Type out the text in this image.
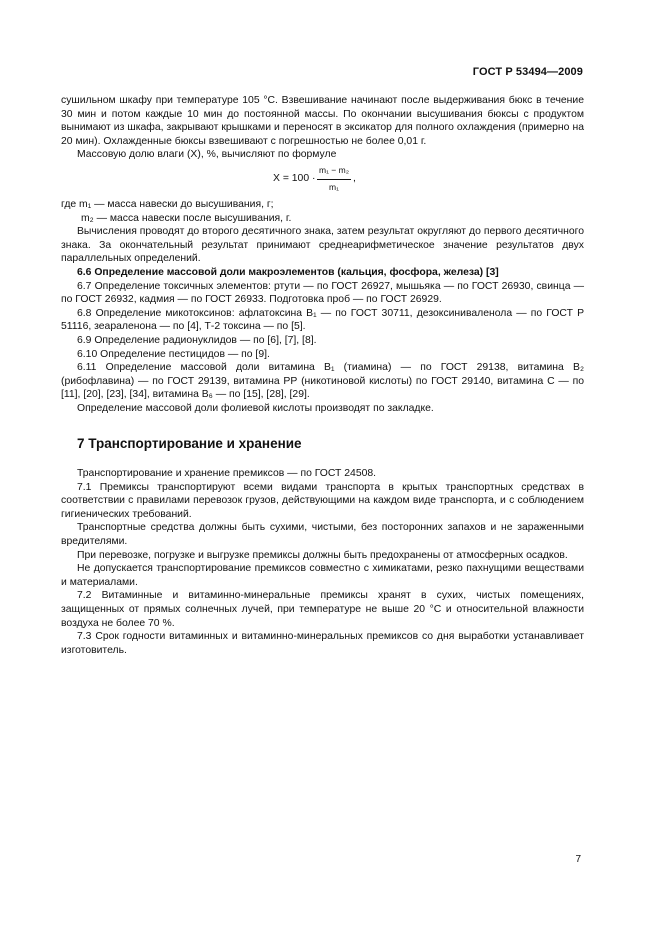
ГОСТ Р 53494—2009

сушильном шкафу при температуре 105 °С. Взвешивание начинают после выдерживания бюкс в течение 30 мин и потом каждые 10 мин до постоянной массы. По окончании высушивания бюксы с продуктом вынимают из шкафа, закрывают крышками и переносят в эксикатор для полного охлаждения (примерно на 20 мин). Охлажденные бюксы взвешивают с погрешностью не более 0,01 г.

Массовую долю влаги (X), %, вычисляют по формуле

$X = 100 \cdot \frac{\text{m₁ − m₂}}{\text{m₁}}$ ,

где m₁ — масса навески до высушивания, г;

m₂ — масса навески после высушивания, г.

Вычисления проводят до второго десятичного знака, затем результат округляют до первого десятичного знака. За окончательный результат принимают среднеарифметическое значение результатов двух параллельных определений.

6.6 Определение массовой доли макроэлементов (кальция, фосфора, железа) [3]

6.7 Определение токсичных элементов: ртути — по ГОСТ 26927, мышьяка — по ГОСТ 26930, свинца — по ГОСТ 26932, кадмия — по ГОСТ 26933. Подготовка проб — по ГОСТ 26929.

6.8 Определение микотоксинов: афлатоксина В₁ — по ГОСТ 30711, дезоксиниваленола — по ГОСТ Р 51116, зеараленона — по [4], Т-2 токсина — по [5].

6.9 Определение радионуклидов — по [6], [7], [8].

6.10 Определение пестицидов — по [9].

6.11 Определение массовой доли витамина В₁ (тиамина) — по ГОСТ 29138, витамина В₂ (рибофлавина) — по ГОСТ 29139, витамина РР (никотиновой кислоты) по ГОСТ 29140, витамина С — по [11], [20], [23], [34], витамина В₆ — по [15], [28], [29].

Определение массовой доли фолиевой кислоты производят по закладке.

7 Транспортирование и хранение

Транспортирование и хранение премиксов — по ГОСТ 24508.

7.1 Премиксы транспортируют всеми видами транспорта в крытых транспортных средствах в соответствии с правилами перевозок грузов, действующими на каждом виде транспорта, и с соблюдением гигиенических требований.

Транспортные средства должны быть сухими, чистыми, без посторонних запахов и не зараженными вредителями.

При перевозке, погрузке и выгрузке премиксы должны быть предохранены от атмосферных осадков.

Не допускается транспортирование премиксов совместно с химикатами, резко пахнущими веществами и материалами.

7.2 Витаминные и витаминно-минеральные премиксы хранят в сухих, чистых помещениях, защищенных от прямых солнечных лучей, при температуре не выше 20 °С и относительной влажности воздуха не более 70 %.

7.3 Срок годности витаминных и витаминно-минеральных премиксов со дня выработки устанавливает изготовитель.

7
